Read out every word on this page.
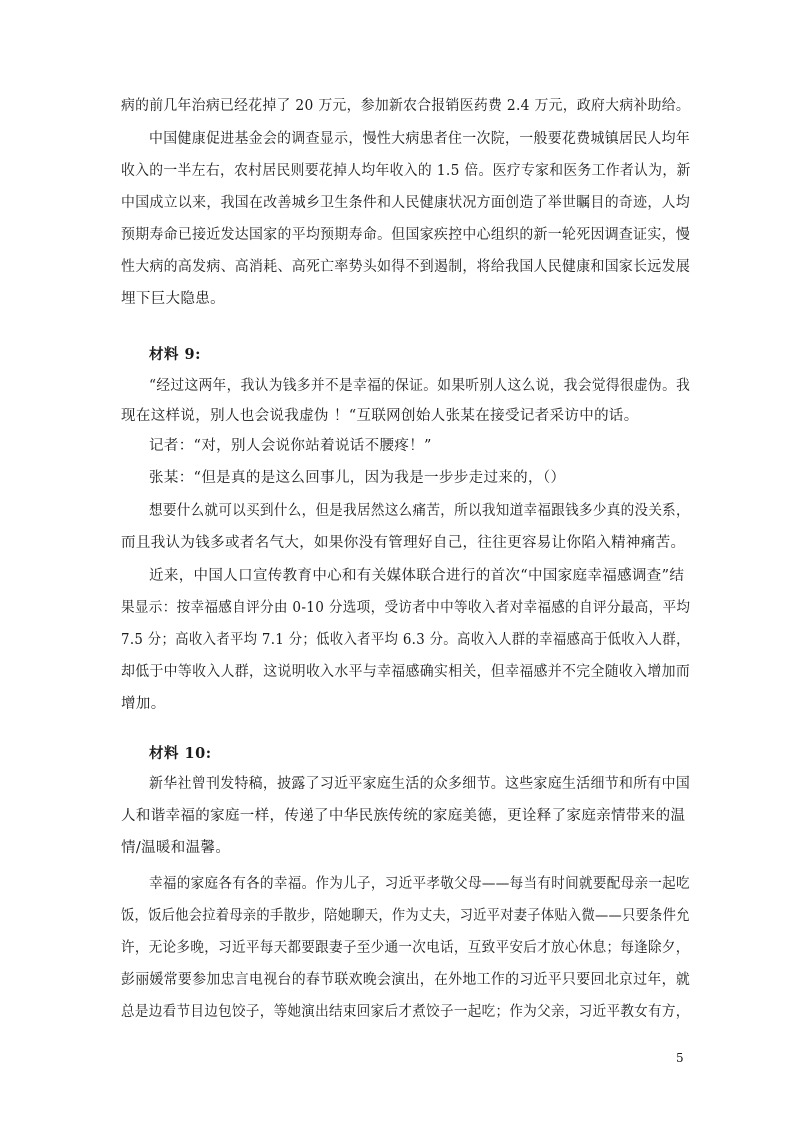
病的前几年治病已经花掉了 20 万元，参加新农合报销医药费 2.4 万元，政府大病补助给。
中国健康促进基金会的调查显示，慢性大病患者住一次院，一般要花费城镇居民人均年
收入的一半左右，农村居民则要花掉人均年收入的 1.5 倍。医疗专家和医务工作者认为，新
中国成立以来，我国在改善城乡卫生条件和人民健康状况方面创造了举世瞩目的奇迹，人均
预期寿命已接近发达国家的平均预期寿命。但国家疾控中心组织的新一轮死因调查证实，慢
性大病的高发病、高消耗、高死亡率势头如得不到遏制，将给我国人民健康和国家长远发展
埋下巨大隐患。
材料 9:
“经过这两年，我认为钱多并不是幸福的保证。如果听别人这么说，我会觉得很虚伪。我
现在这样说，别人也会说我虚伪 ！“互联网创始人张某在接受记者采访中的话。
记者：“对，别人会说你站着说话不腰疼！”
张某：“但是真的是这么回事儿，因为我是一步步走过来的，（）
想要什么就可以买到什么，但是我居然这么痛苦，所以我知道幸福跟钱多少真的没关系，
而且我认为钱多或者名气大，如果你没有管理好自己，往往更容易让你陷入精神痛苦。
近来，中国人口宣传教育中心和有关媒体联合进行的首次“中国家庭幸福感调查”结
果显示：按幸福感自评分由 0-10 分选项，受访者中中等收入者对幸福感的自评分最高，平均
7.5 分；高收入者平均 7.1 分；低收入者平均 6.3 分。高收入人群的幸福感高于低收入人群，
却低于中等收入人群，这说明收入水平与幸福感确实相关，但幸福感并不完全随收入增加而
增加。
材料 10:
新华社曾刊发特稿，披露了习近平家庭生活的众多细节。这些家庭生活细节和所有中国
人和谐幸福的家庭一样，传递了中华民族传统的家庭美德，更诠释了家庭亲情带来的温
情/温暖和温馨。
幸福的家庭各有各的幸福。作为儿子，习近平孝敬父母——每当有时间就要配母亲一起吃
饭，饭后他会拉着母亲的手散步，陪她聊天，作为丈夫，习近平对妻子体贴入微——只要条件允
许，无论多晚，习近平每天都要跟妻子至少通一次电话，互致平安后才放心休息；每逢除夕，
彭丽媛常要参加忠言电视台的春节联欢晚会演出，在外地工作的习近平只要回北京过年，就
总是边看节目边包饺子，等她演出结束回家后才煮饺子一起吃；作为父亲，习近平教女有方，
5
